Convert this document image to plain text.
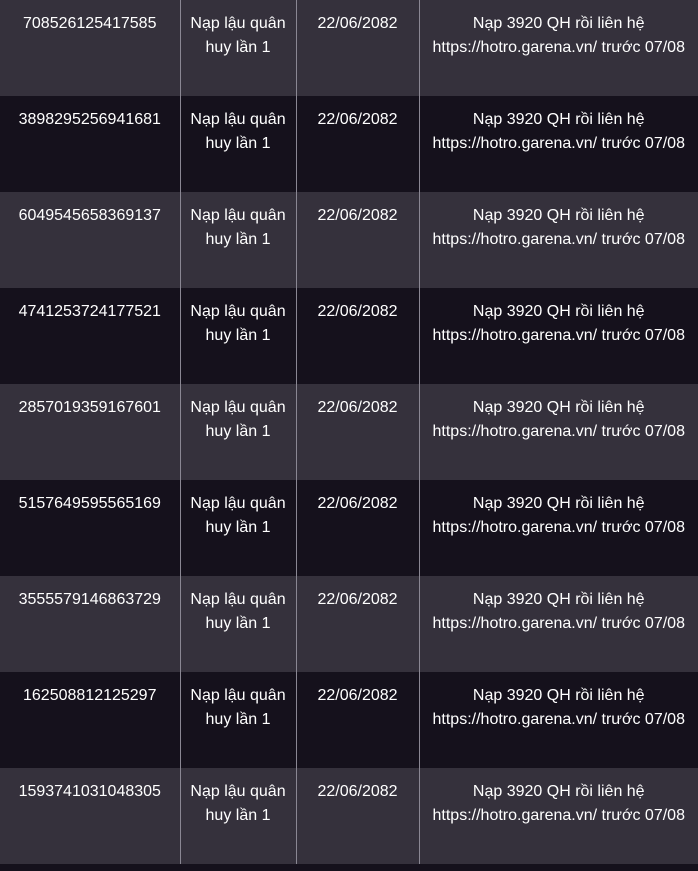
708526125417585	Nạp lậu quân huy lần 1	22/06/2082	Nạp 3920 QH rồi liên hệ https://hotro.garena.vn/ trước 07/08
3898295256941681	Nạp lậu quân huy lần 1	22/06/2082	Nạp 3920 QH rồi liên hệ https://hotro.garena.vn/ trước 07/08
6049545658369137	Nạp lậu quân huy lần 1	22/06/2082	Nạp 3920 QH rồi liên hệ https://hotro.garena.vn/ trước 07/08
4741253724177521	Nạp lậu quân huy lần 1	22/06/2082	Nạp 3920 QH rồi liên hệ https://hotro.garena.vn/ trước 07/08
2857019359167601	Nạp lậu quân huy lần 1	22/06/2082	Nạp 3920 QH rồi liên hệ https://hotro.garena.vn/ trước 07/08
5157649595565169	Nạp lậu quân huy lần 1	22/06/2082	Nạp 3920 QH rồi liên hệ https://hotro.garena.vn/ trước 07/08
3555579146863729	Nạp lậu quân huy lần 1	22/06/2082	Nạp 3920 QH rồi liên hệ https://hotro.garena.vn/ trước 07/08
162508812125297	Nạp lậu quân huy lần 1	22/06/2082	Nạp 3920 QH rồi liên hệ https://hotro.garena.vn/ trước 07/08
1593741031048305	Nạp lậu quân huy lần 1	22/06/2082	Nạp 3920 QH rồi liên hệ https://hotro.garena.vn/ trước 07/08
